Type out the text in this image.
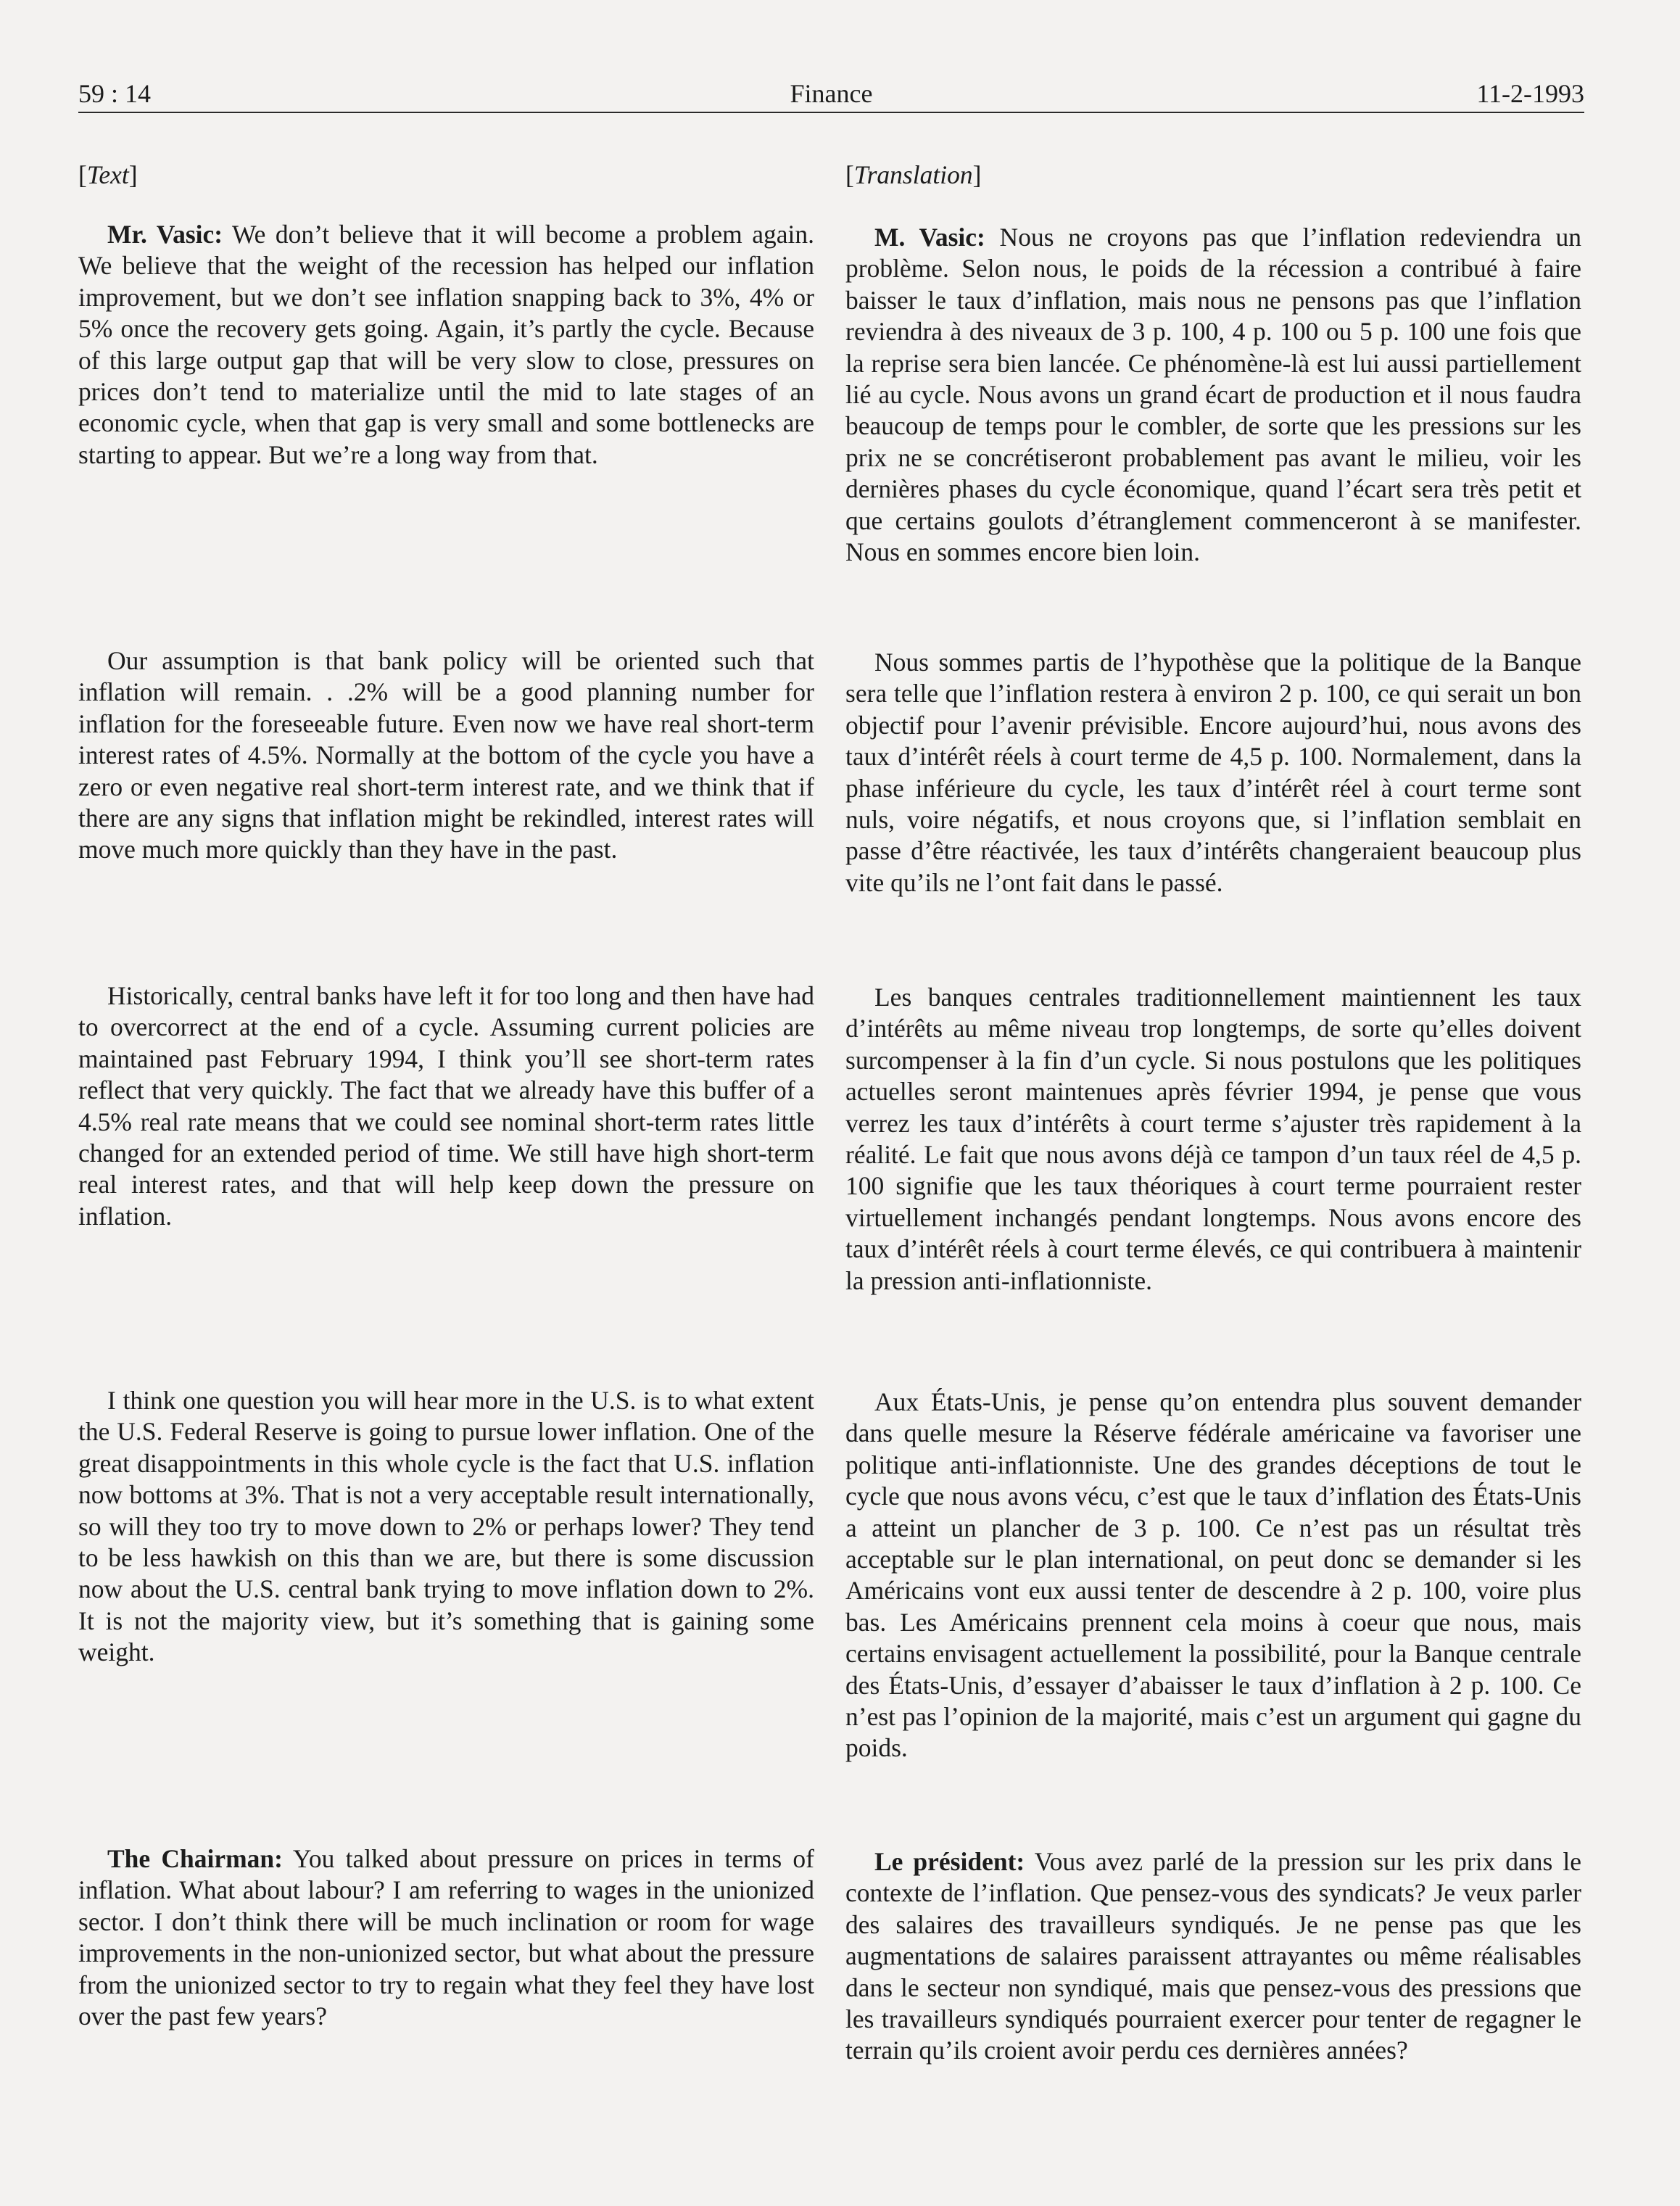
59 : 14	Finance	11-2-1993
[Text]

Mr. Vasic: We don’t believe that it will become a problem again. We believe that the weight of the recession has helped our inflation improvement, but we don’t see inflation snapping back to 3%, 4% or 5% once the recovery gets going. Again, it’s partly the cycle. Because of this large output gap that will be very slow to close, pressures on prices don’t tend to materialize until the mid to late stages of an economic cycle, when that gap is very small and some bottlenecks are starting to appear. But we’re a long way from that.

Our assumption is that bank policy will be oriented such that inflation will remain. . .2% will be a good planning number for inflation for the foreseeable future. Even now we have real short-term interest rates of 4.5%. Normally at the bottom of the cycle you have a zero or even negative real short-term interest rate, and we think that if there are any signs that inflation might be rekindled, interest rates will move much more quickly than they have in the past.

Historically, central banks have left it for too long and then have had to overcorrect at the end of a cycle. Assuming current policies are maintained past February 1994, I think you’ll see short-term rates reflect that very quickly. The fact that we already have this buffer of a 4.5% real rate means that we could see nominal short-term rates little changed for an extended period of time. We still have high short-term real interest rates, and that will help keep down the pressure on inflation.

I think one question you will hear more in the U.S. is to what extent the U.S. Federal Reserve is going to pursue lower inflation. One of the great disappointments in this whole cycle is the fact that U.S. inflation now bottoms at 3%. That is not a very acceptable result internationally, so will they too try to move down to 2% or perhaps lower? They tend to be less hawkish on this than we are, but there is some discussion now about the U.S. central bank trying to move inflation down to 2%. It is not the majority view, but it’s something that is gaining some weight.

The Chairman: You talked about pressure on prices in terms of inflation. What about labour? I am referring to wages in the unionized sector. I don’t think there will be much inclination or room for wage improvements in the non-unionized sector, but what about the pressure from the unionized sector to try to regain what they feel they have lost over the past few years?

[Translation]

M. Vasic: Nous ne croyons pas que l’inflation redeviendra un problème. Selon nous, le poids de la récession a contribué à faire baisser le taux d’inflation, mais nous ne pensons pas que l’inflation reviendra à des niveaux de 3 p. 100, 4 p. 100 ou 5 p. 100 une fois que la reprise sera bien lancée. Ce phénomène-là est lui aussi partiellement lié au cycle. Nous avons un grand écart de production et il nous faudra beaucoup de temps pour le combler, de sorte que les pressions sur les prix ne se concrétiseront probablement pas avant le milieu, voir les dernières phases du cycle économique, quand l’écart sera très petit et que certains goulots d’étranglement commenceront à se manifester. Nous en sommes encore bien loin.

Nous sommes partis de l’hypothèse que la politique de la Banque sera telle que l’inflation restera à environ 2 p. 100, ce qui serait un bon objectif pour l’avenir prévisible. Encore aujourd’hui, nous avons des taux d’intérêt réels à court terme de 4,5 p. 100. Normalement, dans la phase inférieure du cycle, les taux d’intérêt réel à court terme sont nuls, voire négatifs, et nous croyons que, si l’inflation semblait en passe d’être réactivée, les taux d’intérêts changeraient beaucoup plus vite qu’ils ne l’ont fait dans le passé.

Les banques centrales traditionnellement maintiennent les taux d’intérêts au même niveau trop longtemps, de sorte qu’elles doivent surcompenser à la fin d’un cycle. Si nous postulons que les politiques actuelles seront maintenues après février 1994, je pense que vous verrez les taux d’intérêts à court terme s’ajuster très rapidement à la réalité. Le fait que nous avons déjà ce tampon d’un taux réel de 4,5 p. 100 signifie que les taux théoriques à court terme pourraient rester virtuellement inchangés pendant longtemps. Nous avons encore des taux d’intérêt réels à court terme élevés, ce qui contribuera à maintenir la pression anti-inflationniste.

Aux États-Unis, je pense qu’on entendra plus souvent demander dans quelle mesure la Réserve fédérale américaine va favoriser une politique anti-inflationniste. Une des grandes déceptions de tout le cycle que nous avons vécu, c’est que le taux d’inflation des États-Unis a atteint un plancher de 3 p. 100. Ce n’est pas un résultat très acceptable sur le plan international, on peut donc se demander si les Américains vont eux aussi tenter de descendre à 2 p. 100, voire plus bas. Les Américains prennent cela moins à coeur que nous, mais certains envisagent actuellement la possibilité, pour la Banque centrale des États-Unis, d’essayer d’abaisser le taux d’inflation à 2 p. 100. Ce n’est pas l’opinion de la majorité, mais c’est un argument qui gagne du poids.

Le président: Vous avez parlé de la pression sur les prix dans le contexte de l’inflation. Que pensez-vous des syndicats? Je veux parler des salaires des travailleurs syndiqués. Je ne pense pas que les augmentations de salaires paraissent attrayantes ou même réalisables dans le secteur non syndiqué, mais que pensez-vous des pressions que les travailleurs syndiqués pourraient exercer pour tenter de regagner le terrain qu’ils croient avoir perdu ces dernières années?
